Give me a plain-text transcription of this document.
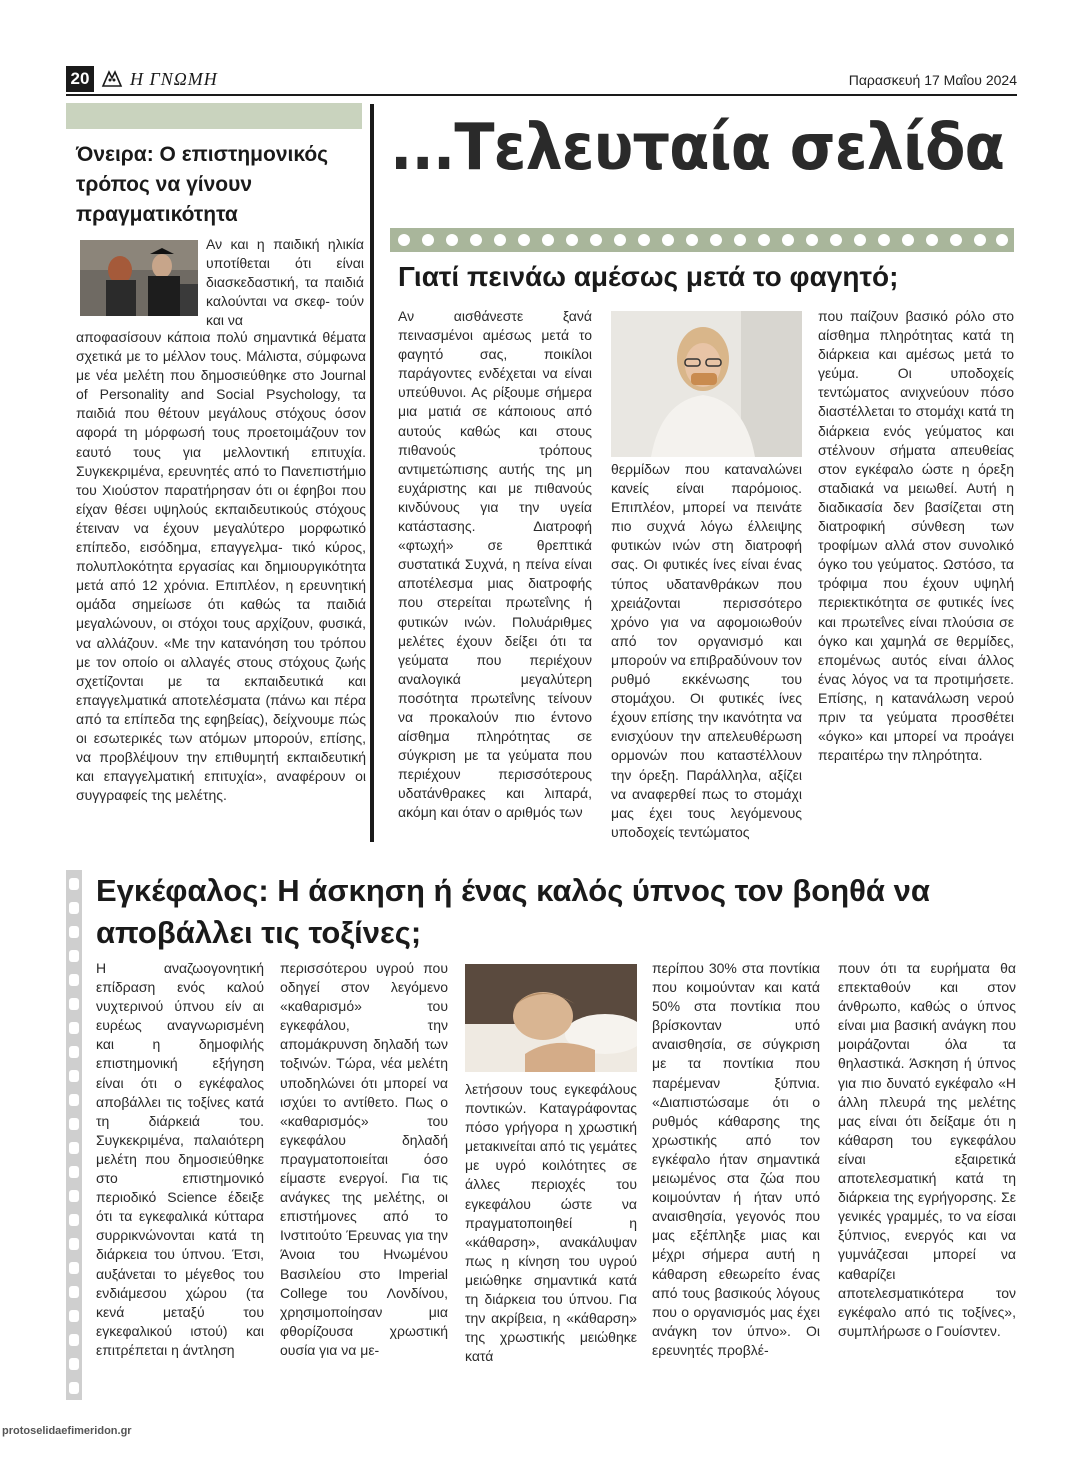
20 Η ΓΝΩΜΗ	Παρασκευή 17 Μαΐου 2024
...Τελευταία σελίδα
Όνειρα: Ο επιστημονικός τρόπος να γίνουν πραγματικότητα
Αν και η παιδική ηλικία υποτίθεται ότι είναι διασκεδαστική, τα παιδιά καλούνται να σκεφ- τούν και να
αποφασίσουν κάποια πολύ σημαντικά θέματα σχετικά με το μέλλον τους. Μάλιστα, σύμφωνα με νέα μελέτη που δημοσιεύθηκε στο Journal of Personality and Social Psychology, τα παιδιά που θέτουν μεγάλους στόχους όσον αφορά τη μόρφωσή τους προετοιμάζουν τον εαυτό τους για μελλοντική επιτυχία. Συγκεκριμένα, ερευνητές από το Πανεπιστήμιο του Χιούστον παρατήρησαν ότι οι έφηβοι που είχαν θέσει υψηλούς εκπαιδευτικούς στόχους έτειναν να έχουν μεγαλύτερο μορφωτικό επίπεδο, εισόδημα, επαγγελμα- τικό κύρος, πολυπλοκότητα εργασίας και δημιουργικότητα μετά από 12 χρόνια. Επιπλέον, η ερευνητική ομάδα σημείωσε ότι καθώς τα παιδιά μεγαλώνουν, οι στόχοι τους αρχίζουν, φυσικά, να αλλάζουν. «Με την κατανόηση του τρόπου με τον οποίο οι αλλαγές στους στόχους ζωής σχετίζονται με τα εκπαιδευτικά και επαγγελματικά αποτελέσματα (πάνω και πέρα από τα επίπεδα της εφηβείας), δείχνουμε πώς οι εσωτερικές των ατόμων μπορούν, επίσης, να προβλέψουν την επιθυμητή εκπαιδευτική και επαγγελματική επιτυχία», αναφέρουν οι συγγραφείς της μελέτης.
Γιατί πεινάω αμέσως μετά το φαγητό;
Αν αισθάνεστε ξανά πεινασμένοι αμέσως μετά το φαγητό σας, ποικίλοι παράγοντες ενδέχεται να είναι υπεύθυνοι. Ας ρίξουμε σήμερα μια ματιά σε κάποιους από αυτούς καθώς και στους πιθανούς τρόπους αντιμετώπισης αυτής της μη ευχάριστης και με πιθανούς κινδύνους για την υγεία κατάστασης. Διατροφή «φτωχή» σε θρεπτικά συστατικά Συχνά, η πείνα είναι αποτέλεσμα μιας διατροφής που στερείται πρωτεΐνης ή φυτικών ινών. Πολυάριθμες μελέτες έχουν δείξει ότι τα γεύματα που περιέχουν αναλογικά μεγαλύτερη ποσότητα πρωτεΐνης τείνουν να προκαλούν πιο έντονο αίσθημα πληρότητας σε σύγκριση με τα γεύματα που περιέχουν περισσότερους υδατάνθρακες και λιπαρά, ακόμη και όταν ο αριθμός των
θερμίδων που καταναλώνει κανείς είναι παρόμοιος. Επιπλέον, μπορεί να πεινάτε πιο συχνά λόγω έλλειψης φυτικών ινών στη διατροφή σας. Οι φυτικές ίνες είναι ένας τύπος υδατανθράκων που χρειάζονται περισσότερο χρόνο για να αφομοιωθούν από τον οργανισμό και μπορούν να επιβραδύνουν τον ρυθμό εκκένωσης του στομάχου. Οι φυτικές ίνες έχουν επίσης την ικανότητα να ενισχύουν την απελευθέρωση ορμονών που καταστέλλουν την όρεξη. Παράλληλα, αξίζει να αναφερθεί πως το στομάχι μας έχει τους λεγόμενους υποδοχείς τεντώματος
που παίζουν βασικό ρόλο στο αίσθημα πληρότητας κατά τη διάρκεια και αμέσως μετά το γεύμα. Οι υποδοχείς τεντώματος ανιχνεύουν πόσο διαστέλλεται το στομάχι κατά τη διάρκεια ενός γεύματος και στέλνουν σήματα απευθείας στον εγκέφαλο ώστε η όρεξη σταδιακά να μειωθεί. Αυτή η διαδικασία δεν βασίζεται στη διατροφική σύνθεση των τροφίμων αλλά στον συνολικό όγκο του γεύματος. Ωστόσο, τα τρόφιμα που έχουν υψηλή περιεκτικότητα σε φυτικές ίνες και πρωτεΐνες είναι πλούσια σε όγκο και χαμηλά σε θερμίδες, επομένως αυτός είναι άλλος ένας λόγος να τα προτιμήσετε. Επίσης, η κατανάλωση νερού πριν τα γεύματα προσθέτει «όγκο» και μπορεί να προάγει περαιτέρω την πληρότητα.
Εγκέφαλος: Η άσκηση ή ένας καλός ύπνος τον βοηθά να αποβάλλει τις τοξίνες;
Η αναζωογονητική επίδραση ενός καλού νυχτερινού ύπνου είν αι ευρέως αναγνωρισμένη και η δημοφιλής επιστημονική εξήγηση είναι ότι ο εγκέφαλος αποβάλλει τις τοξίνες κατά τη διάρκειά του. Συγκεκριμένα, παλαιότερη μελέτη που δημοσιεύθηκε στο επιστημονικό περιοδικό Science έδειξε ότι τα εγκεφαλικά κύτταρα συρρικνώνονται κατά τη διάρκεια του ύπνου. Έτσι, αυξάνεται το μέγεθος του ενδιάμεσου χώρου (τα κενά μεταξύ του εγκεφαλικού ιστού) και επιτρέπεται η άντληση
περισσότερου υγρού που οδηγεί στον λεγόμενο «καθαρισμό» του εγκεφάλου, την απομάκρυνση δηλαδή των τοξινών. Τώρα, νέα μελέτη υποδηλώνει ότι μπορεί να ισχύει το αντίθετο. Πως ο «καθαρισμός» του εγκεφάλου δηλαδή πραγματοποιείται όσο είμαστε ενεργοί. Για τις ανάγκες της μελέτης, οι επιστήμονες από το Ινστιτούτο Έρευνας για την Άνοια του Ηνωμένου Βασιλείου στο Imperial College του Λονδίνου, χρησιμοποίησαν μια φθορίζουσα χρωστική ουσία για να με-
λετήσουν τους εγκεφάλους ποντικών. Καταγράφοντας πόσο γρήγορα η χρωστική μετακινείται από τις γεμάτες με υγρό κοιλότητες σε άλλες περιοχές του εγκεφάλου ώστε να πραγματοποιηθεί η «κάθαρση», ανακάλυψαν πως η κίνηση του υγρού μειώθηκε σημαντικά κατά τη διάρκεια του ύπνου. Για την ακρίβεια, η «κάθαρση» της χρωστικής μειώθηκε κατά
περίπου 30% στα ποντίκια που κοιμούνταν και κατά 50% στα ποντίκια που βρίσκονταν υπό αναισθησία, σε σύγκριση με τα ποντίκια που παρέμεναν ξύπνια. «Διαπιστώσαμε ότι ο ρυθμός κάθαρσης της χρωστικής από τον εγκέφαλο ήταν σημαντικά μειωμένος στα ζώα που κοιμούνταν ή ήταν υπό αναισθησία, γεγονός που μας εξέπληξε μιας και μέχρι σήμερα αυτή η κάθαρση εθεωρείτο ένας από τους βασικούς λόγους που ο οργανισμός μας έχει ανάγκη τον ύπνο». Οι ερευνητές προβλέ-
πουν ότι τα ευρήματα θα επεκταθούν και στον άνθρωπο, καθώς ο ύπνος είναι μια βασική ανάγκη που μοιράζονται όλα τα θηλαστικά. Άσκηση ή ύπνος για πιο δυνατό εγκέφαλο «Η άλλη πλευρά της μελέτης μας είναι ότι δείξαμε ότι η κάθαρση του εγκεφάλου είναι εξαιρετικά αποτελεσματική κατά τη διάρκεια της εγρήγορσης. Σε γενικές γραμμές, το να είσαι ξύπνιος, ενεργός και να γυμνάζεσαι μπορεί να καθαρίζει αποτελεσματικότερα τον εγκέφαλο από τις τοξίνες», συμπλήρωσε ο Γουίσντεν.
protoselidaefimeridon.gr
